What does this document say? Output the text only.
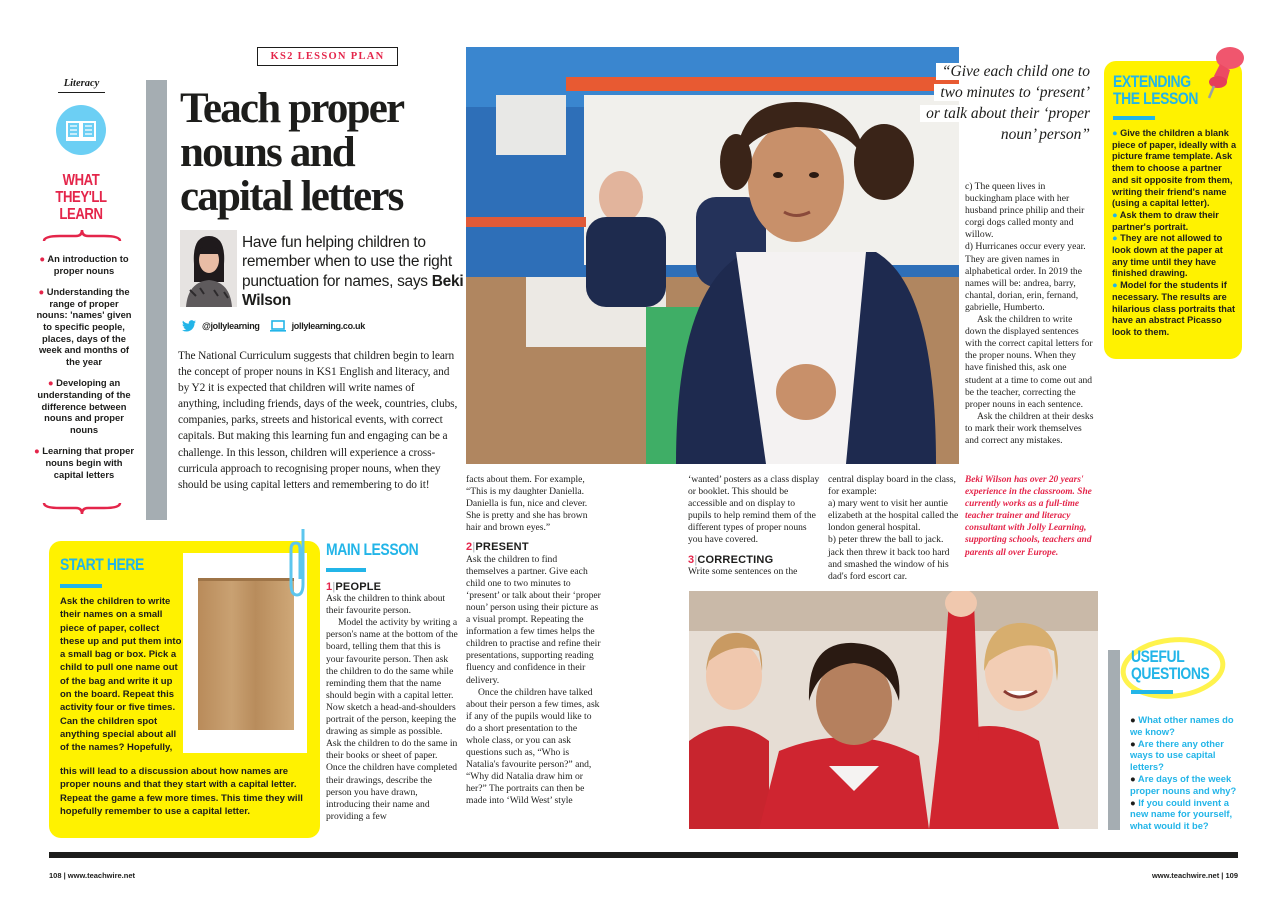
Literacy
WHAT
THEY'LL
LEARN
● An introduction to proper nouns
● Understanding the range of proper nouns: 'names' given to specific people, places, days of the week and months of the year
● Developing an understanding of the difference between nouns and proper nouns
● Learning that proper nouns begin with capital letters
KS2 LESSON PLAN
Teach proper
nouns and
capital letters
Have fun helping children to remember when to use the right punctuation for names, says Beki Wilson
@jollylearning	jollylearning.co.uk

The National Curriculum suggests that children begin to learn the concept of proper nouns in KS1 English and literacy, and by Y2 it is expected that children will write names of anything, including friends, days of the week, countries, clubs, companies, parks, streets and historical events, with correct capitals. But making this learning fun and engaging can be a challenge. In this lesson, children will experience a cross-curricula approach to recognising proper nouns, when they should be using capital letters and remembering to do it!

START HERE

Ask the children to write their names on a small piece of paper, collect these up and put them into a small bag or box. Pick a child to pull one name out of the bag and write it up on the board. Repeat this activity four or five times. Can the children spot anything special about all of the names? Hopefully,

this will lead to a discussion about how names are proper nouns and that they start with a capital letter. Repeat the game a few more times. This time they will hopefully remember to use a capital letter.

MAIN LESSON
1|PEOPLE

Ask the children to think about their favourite person.

Model the activity by writing a person's name at the bottom of the board, telling them that this is your favourite person. Then ask the children to do the same while reminding them that the name should begin with a capital letter. Now sketch a head-and-shoulders portrait of the person, keeping the drawing as simple as possible. Ask the children to do the same in their books or sheet of paper. Once the children have completed their drawings, describe the person you have drawn, introducing their name and providing a few

facts about them. For example, “This is my daughter Daniella. Daniella is fun, nice and clever. She is pretty and she has brown hair and brown eyes.”

2|PRESENT

Ask the children to find themselves a partner. Give each child one to two minutes to ‘present’ or talk about their ‘proper noun’ person using their picture as a visual prompt. Repeating the information a few times helps the children to practise and refine their presentations, supporting reading fluency and confidence in their delivery.

Once the children have talked about their person a few times, ask if any of the pupils would like to do a short presentation to the whole class, or you can ask questions such as, “Who is Natalia's favourite person?” and, “Why did Natalia draw him or her?” The portraits can then be made into ‘Wild West’ style

“Give each child one to
two minutes to ‘present’
or talk about their ‘proper
noun’ person”

‘wanted’ posters as a class display or booklet. This should be accessible and on display to pupils to help remind them of the different types of proper nouns you have covered.

3|CORRECTING

Write some sentences on the

central display board in the class, for example:

a) mary went to visit her auntie elizabeth at the hospital called the london general hospital.

b) peter threw the ball to jack. jack then threw it back too hard and smashed the window of his dad's ford escort car.

c) The queen lives in buckingham place with her husband prince philip and their corgi dogs called monty and willow.

d) Hurricanes occur every year. They are given names in alphabetical order. In 2019 the names will be: andrea, barry, chantal, dorian, erin, fernand, gabrielle, Humberto.

Ask the children to write down the displayed sentences with the correct capital letters for the proper nouns. When they have finished this, ask one student at a time to come out and be the teacher, correcting the proper nouns in each sentence.

Ask the children at their desks to mark their work themselves and correct any mistakes.

Beki Wilson has over 20 years' experience in the classroom. She currently works as a full-time teacher trainer and literacy consultant with Jolly Learning, supporting schools, teachers and parents all over Europe.

EXTENDING
THE LESSON
● Give the children a blank piece of paper, ideally with a picture frame template. Ask them to choose a partner and sit opposite from them, writing their friend's name (using a capital letter).
● Ask them to draw their partner's portrait.
● They are not allowed to look down at the paper at any time until they have finished drawing.
● Model for the students if necessary. The results are hilarious class portraits that have an abstract Picasso look to them.
USEFUL
QUESTIONS
● What other names do we know?
● Are there any other ways to use capital letters?
● Are days of the week proper nouns and why?
● If you could invent a new name for yourself, what would it be?
108 | www.teachwire.net	www.teachwire.net | 109
